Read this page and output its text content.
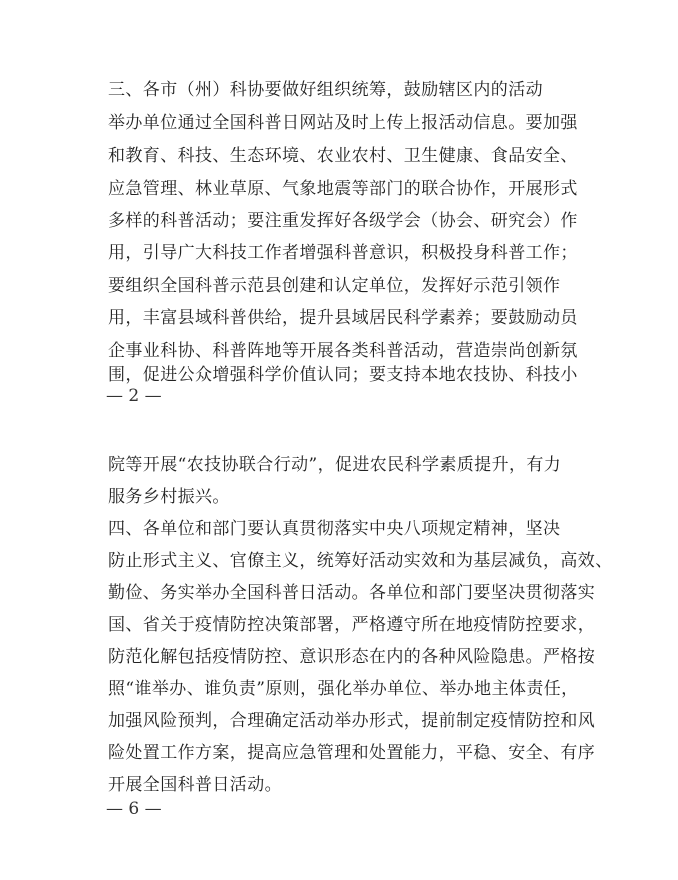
三、各市（州）科协要做好组织统筹，鼓励辖区内的活动
举办单位通过全国科普日网站及时上传上报活动信息。要加强
和教育、科技、生态环境、农业农村、卫生健康、食品安全、
应急管理、林业草原、气象地震等部门的联合协作，开展形式
多样的科普活动；要注重发挥好各级学会（协会、研究会）作
用，引导广大科技工作者增强科普意识，积极投身科普工作；
要组织全国科普示范县创建和认定单位，发挥好示范引领作
用，丰富县域科普供给，提升县域居民科学素养；要鼓励动员
企事业科协、科普阵地等开展各类科普活动，营造崇尚创新氛
围，促进公众增强科学价值认同；要支持本地农技协、科技小
— 2 —
院等开展“农技协联合行动”，促进农民科学素质提升，有力
服务乡村振兴。
四、各单位和部门要认真贯彻落实中央八项规定精神，坚决
防止形式主义、官僚主义，统筹好活动实效和为基层减负，高效、
勤俭、务实举办全国科普日活动。各单位和部门要坚决贯彻落实
国、省关于疫情防控决策部署，严格遵守所在地疫情防控要求，
防范化解包括疫情防控、意识形态在内的各种风险隐患。严格按
照“谁举办、谁负责”原则，强化举办单位、举办地主体责任，
加强风险预判，合理确定活动举办形式，提前制定疫情防控和风
险处置工作方案，提高应急管理和处置能力，平稳、安全、有序
开展全国科普日活动。
— 6 —
